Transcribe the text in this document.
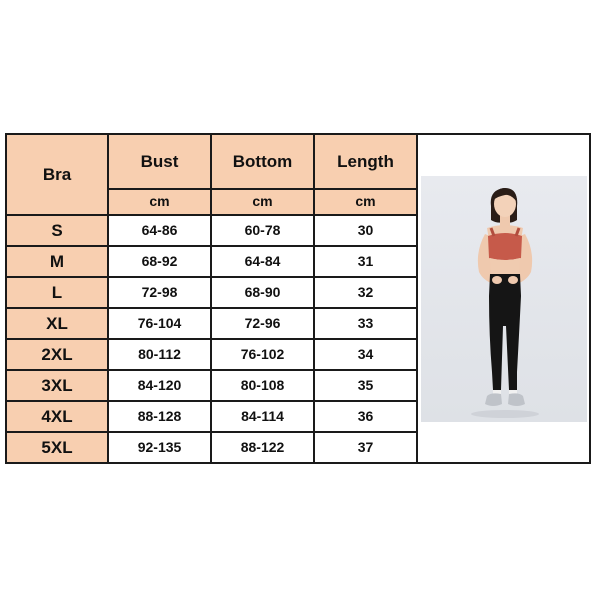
Bra	Bust	Bottom	Length	

	cm	cm	cm	
S	64-86	60-78	30	
M	68-92	64-84	31	
L	72-98	68-90	32	
XL	76-104	72-96	33	
2XL	80-112	76-102	34	
3XL	84-120	80-108	35	
4XL	88-128	84-114	36	
5XL	92-135	88-122	37	
